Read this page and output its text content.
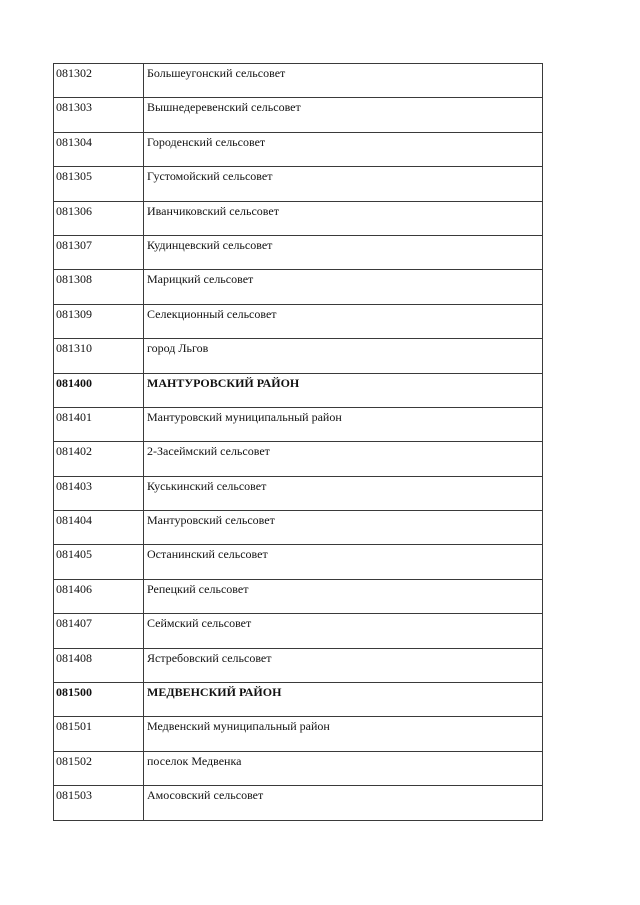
081302	Большеугонский сельсовет
081303	Вышнедеревенский сельсовет
081304	Городенский сельсовет
081305	Густомойский сельсовет
081306	Иванчиковский сельсовет
081307	Кудинцевский сельсовет
081308	Марицкий сельсовет
081309	Селекционный сельсовет
081310	город Льгов
081400	МАНТУРОВСКИЙ РАЙОН
081401	Мантуровский муниципальный район
081402	2-Засеймский сельсовет
081403	Куськинский сельсовет
081404	Мантуровский сельсовет
081405	Останинский сельсовет
081406	Репецкий сельсовет
081407	Сеймский сельсовет
081408	Ястребовский сельсовет
081500	МЕДВЕНСКИЙ РАЙОН
081501	Медвенский муниципальный район
081502	поселок Медвенка
081503	Амосовский сельсовет
